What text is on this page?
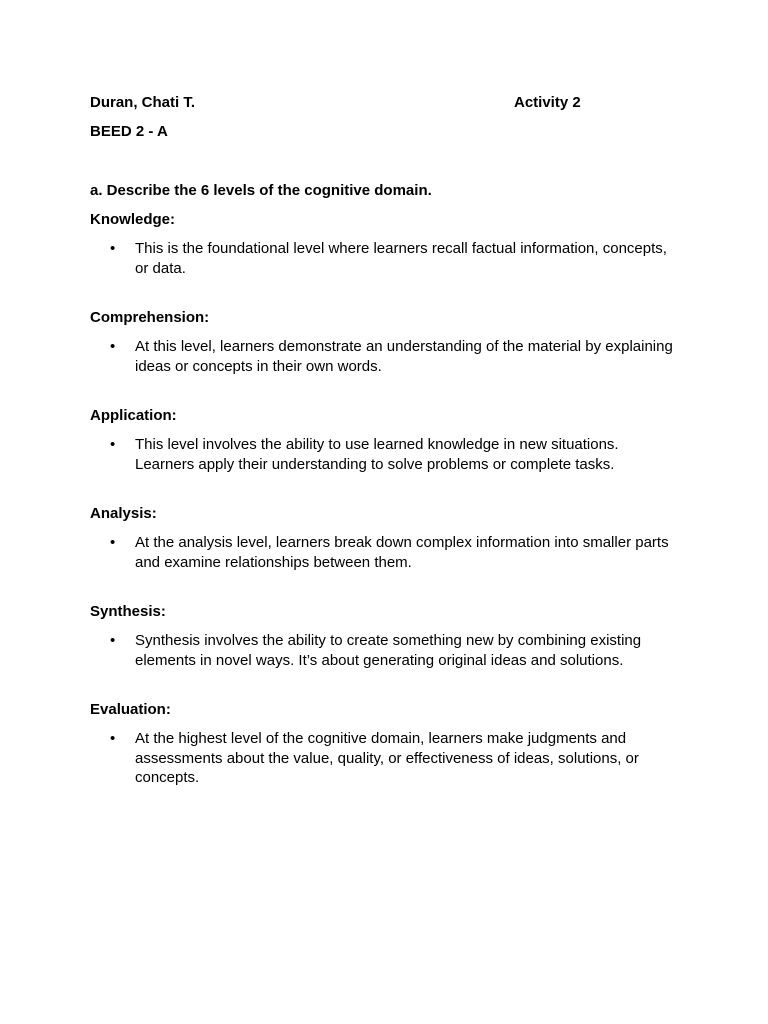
Duran, Chati T.	Activity 2
BEED 2 - A
a. Describe the 6 levels of the cognitive domain.
Knowledge:
• This is the foundational level where learners recall factual information, concepts, or data.
Comprehension:
• At this level, learners demonstrate an understanding of the material by explaining ideas or concepts in their own words.
Application:
• This level involves the ability to use learned knowledge in new situations. Learners apply their understanding to solve problems or complete tasks.
Analysis:
• At the analysis level, learners break down complex information into smaller parts and examine relationships between them.
Synthesis:
• Synthesis involves the ability to create something new by combining existing elements in novel ways. It’s about generating original ideas and solutions.
Evaluation:
• At the highest level of the cognitive domain, learners make judgments and assessments about the value, quality, or effectiveness of ideas, solutions, or concepts.
